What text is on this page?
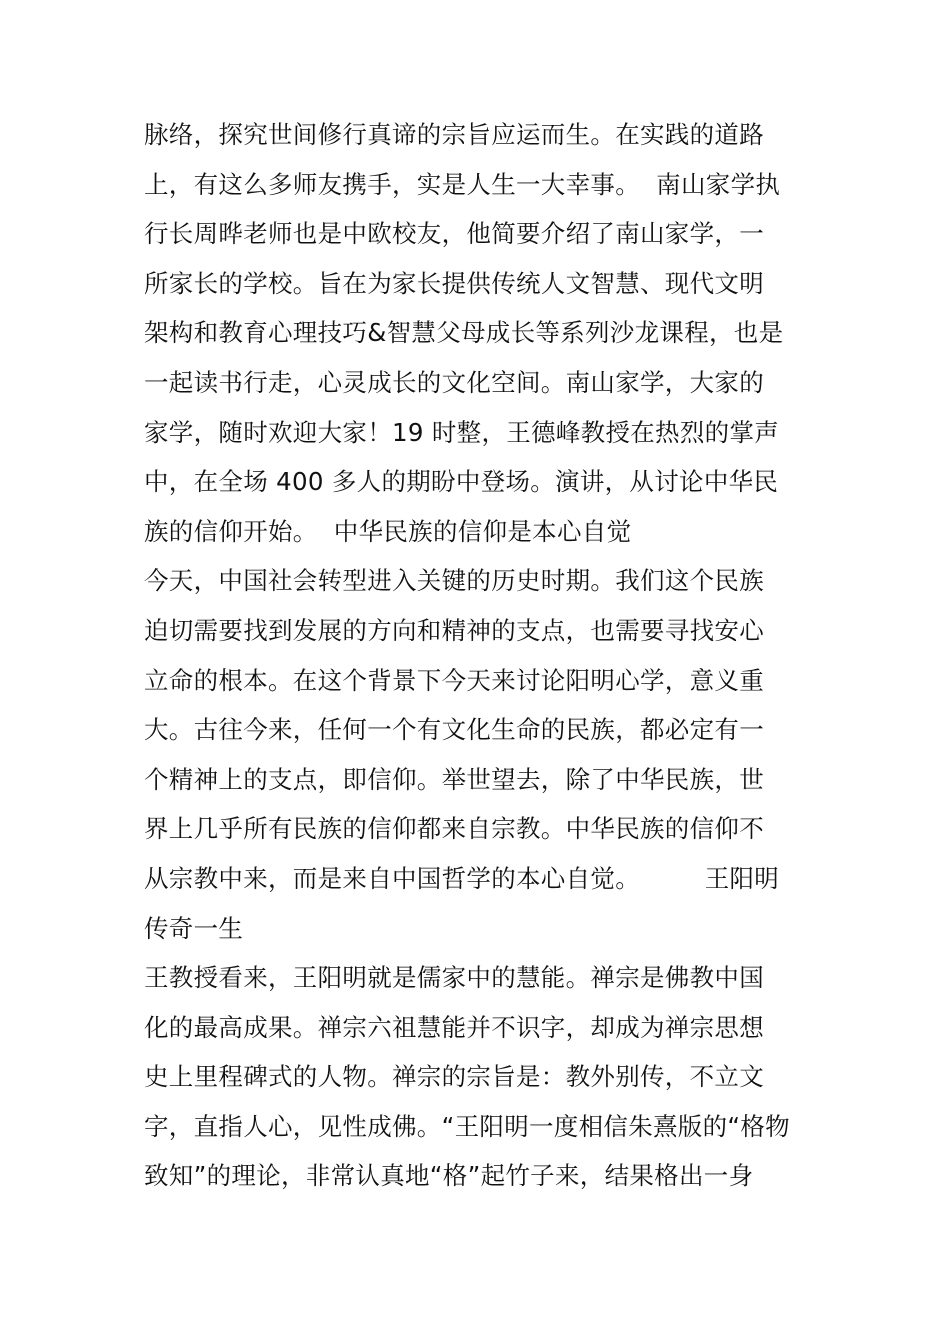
脉络，探究世间修行真谛的宗旨应运而生。在实践的道路
上，有这么多师友携手，实是人生一大幸事。  南山家学执
行长周晔老师也是中欧校友，他简要介绍了南山家学，一
所家长的学校。旨在为家长提供传统人文智慧、现代文明
架构和教育心理技巧&智慧父母成长等系列沙龙课程，也是
一起读书行走，心灵成长的文化空间。南山家学，大家的
家学，随时欢迎大家！19 时整，王德峰教授在热烈的掌声
中，在全场 400 多人的期盼中登场。演讲，从讨论中华民
族的信仰开始。  中华民族的信仰是本心自觉
今天，中国社会转型进入关键的历史时期。我们这个民族
迫切需要找到发展的方向和精神的支点，也需要寻找安心
立命的根本。在这个背景下今天来讨论阳明心学，意义重
大。古往今来，任何一个有文化生命的民族，都必定有一
个精神上的支点，即信仰。举世望去，除了中华民族，世
界上几乎所有民族的信仰都来自宗教。中华民族的信仰不
从宗教中来，而是来自中国哲学的本心自觉。        王阳明
传奇一生
王教授看来，王阳明就是儒家中的慧能。禅宗是佛教中国
化的最高成果。禅宗六祖慧能并不识字，却成为禅宗思想
史上里程碑式的人物。禅宗的宗旨是：教外别传，不立文
字，直指人心，见性成佛。“王阳明一度相信朱熹版的“格物
致知”的理论，非常认真地“格”起竹子来，结果格出一身
